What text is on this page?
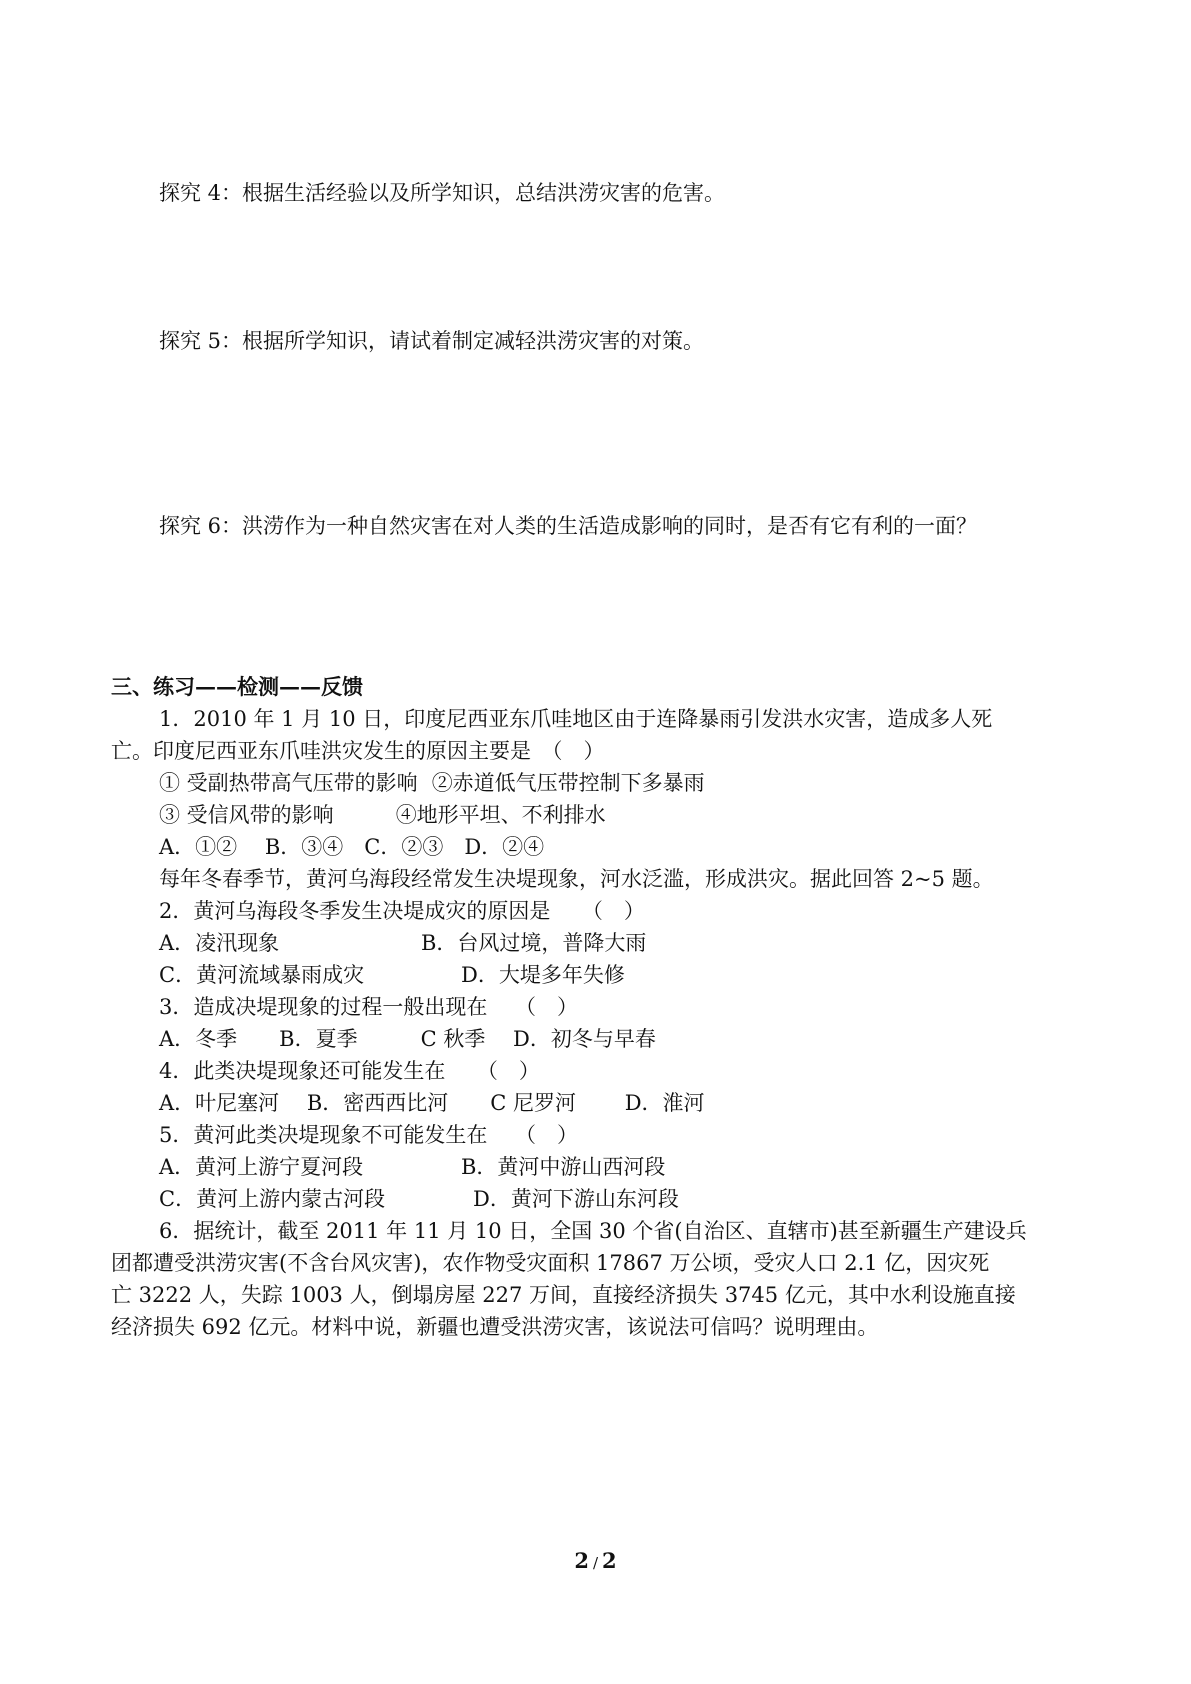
探究 4：根据生活经验以及所学知识，总结洪涝灾害的危害。
探究 5：根据所学知识，请试着制定减轻洪涝灾害的对策。
探究 6：洪涝作为一种自然灾害在对人类的生活造成影响的同时，是否有它有利的一面？
三、练习——检测——反馈
1．2010 年 1 月 10 日，印度尼西亚东爪哇地区由于连降暴雨引发洪水灾害，造成多人死
亡。印度尼西亚东爪哇洪灾发生的原因主要是　（　）
① 受副热带高气压带的影响 ②赤道低气压带控制下多暴雨
③ 受信风带的影响	④地形平坦、不利排水
A．①②　 B．③④　C．②③　D．②④
每年冬春季节，黄河乌海段经常发生决堤现象，河水泛滥，形成洪灾。据此回答 2~5 题。
2．黄河乌海段冬季发生决堤成灾的原因是　　（　）
A．凌汛现象	B．台风过境，普降大雨
C．黄河流域暴雨成灾	D．大堤多年失修
3．造成决堤现象的过程一般出现在　 （　）
A．冬季　　B．夏季　　　C 秋季　 D．初冬与早春
4．此类决堤现象还可能发生在　　（　）
A．叶尼塞河　 B．密西西比河　　C 尼罗河　　 D．淮河
5．黄河此类决堤现象不可能发生在　 （　）
A．黄河上游宁夏河段	B．黄河中游山西河段
C．黄河上游内蒙古河段	D．黄河下游山东河段
6．据统计，截至 2011 年 11 月 10 日，全国 30 个省(自治区、直辖市)甚至新疆生产建设兵
团都遭受洪涝灾害(不含台风灾害)，农作物受灾面积 17867 万公顷，受灾人口 2.1 亿，因灾死
亡 3222 人，失踪 1003 人，倒塌房屋 227 万间，直接经济损失 3745 亿元，其中水利设施直接
经济损失 692 亿元。材料中说，新疆也遭受洪涝灾害，该说法可信吗？说明理由。
2 / 2
